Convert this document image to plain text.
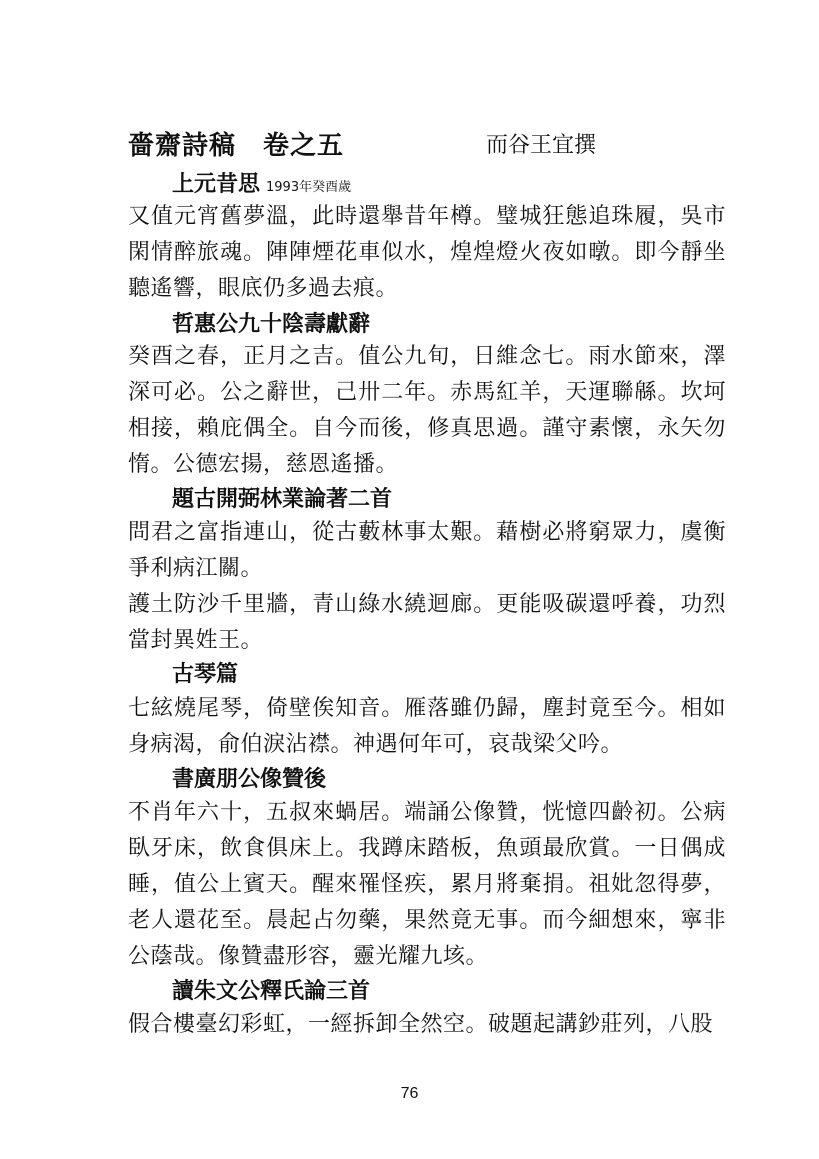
嗇齋詩稿　卷之五	而谷王宜撰
上元昔思 1993年癸酉歲
又值元宵舊夢溫，此時還舉昔年樽。璧城狂態追珠履，吳市閑情醉旅魂。陣陣煙花車似水，煌煌燈火夜如暾。即今靜坐聽遙響，眼底仍多過去痕。
哲惠公九十陰壽獻辭
癸酉之春，正月之吉。值公九旬，日維念七。雨水節來，澤深可必。公之辭世，己卅二年。赤馬紅羊，天運聯緜。坎坷相接，賴庇偶全。自今而後，修真思過。謹守素懷，永矢勿惰。公德宏揚，慈恩遙播。
題古開弼林業論著二首
問君之富指連山，從古藪林事太艱。藉樹必將窮眾力，虞衡爭利病江關。
護土防沙千里牆，青山綠水繞迴廊。更能吸碳還呼養，功烈當封異姓王。
古琴篇
七絃燒尾琴，倚壁俟知音。雁落雖仍歸，塵封竟至今。相如身病渴，俞伯淚沾襟。神遇何年可，哀哉梁父吟。
書廣朋公像贊後
不肖年六十，五叔來蝸居。端誦公像贊，恍憶四齡初。公病臥牙床，飲食俱床上。我蹲床踏板，魚頭最欣賞。一日偶成睡，值公上賓天。醒來罹怪疾，累月將棄捐。祖妣忽得夢，老人還花至。晨起占勿藥，果然竟无事。而今細想來，寧非公蔭哉。像贊盡形容，靈光耀九垓。
讀朱文公釋氏論三首
假合樓臺幻彩虹，一經拆卸全然空。破題起講鈔莊列，八股
76
